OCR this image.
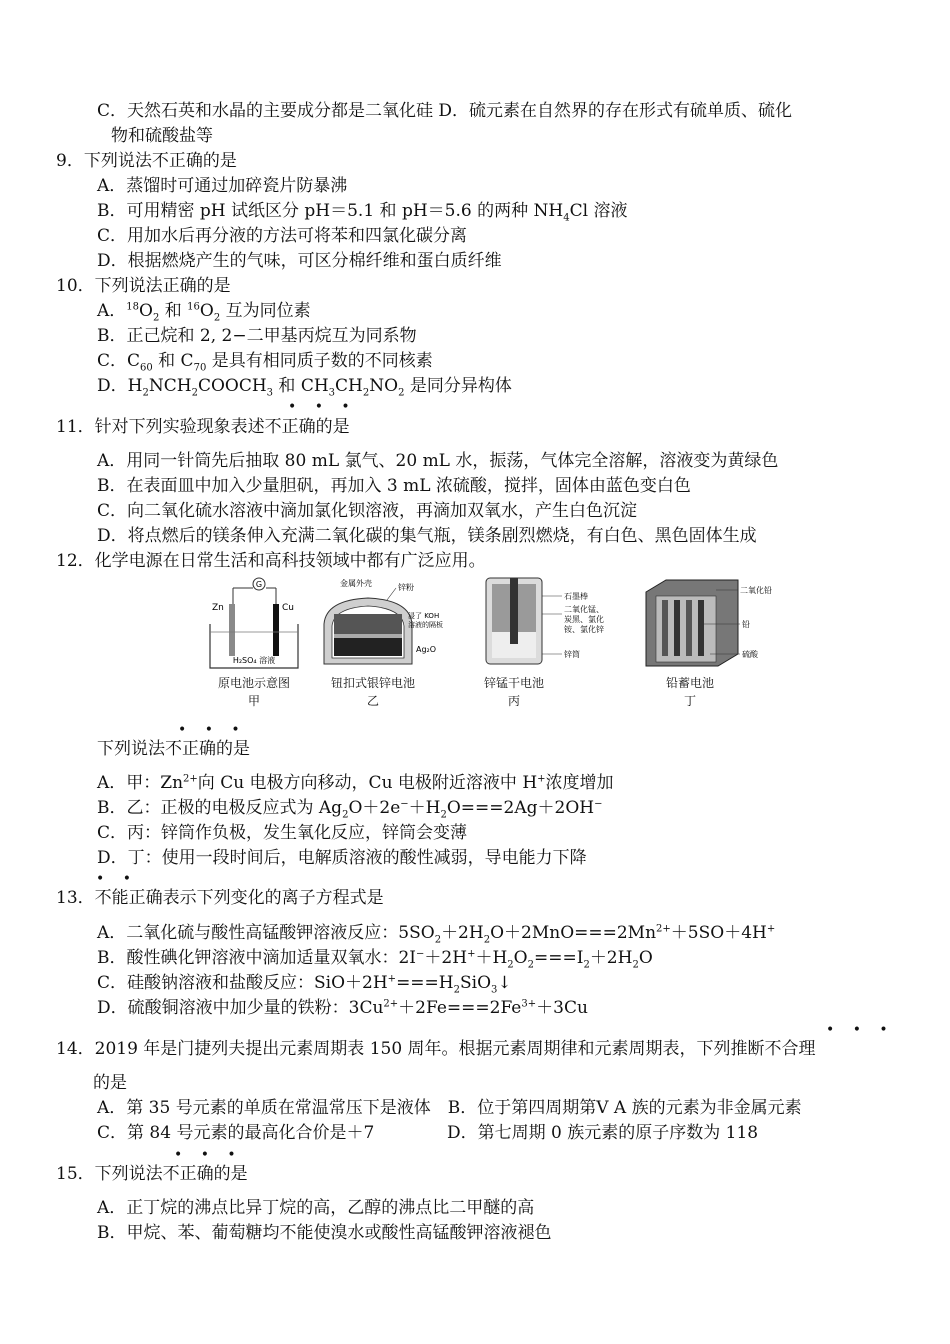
C．天然石英和水晶的主要成分都是二氧化硅 D．硫元素在自然界的存在形式有硫单质、硫化
物和硫酸盐等
9．下列说法不正确的是
A．蒸馏时可通过加碎瓷片防暴沸
B．可用精密 pH 试纸区分 pH＝5.1 和 pH＝5.6 的两种 $NH_4Cl$ 溶液
C．用加水后再分液的方法可将苯和四氯化碳分离
D．根据燃烧产生的气味，可区分棉纤维和蛋白质纤维
10．下列说法正确的是
A．$^{18}O_2$ 和 $^{16}O_2$ 互为同位素
B．正己烷和 2, 2−二甲基丙烷互为同系物
C．$C_{60}$ 和 $C_{70}$ 是具有相同质子数的不同核素
D．$H_2NCH_2COOCH_3$ 和 $CH_3CH_2NO_2$ 是同分异构体
• • •
11．针对下列实验现象表述不正确的是
A．用同一针筒先后抽取 80 mL 氯气、20 mL 水，振荡，气体完全溶解，溶液变为黄绿色
B．在表面皿中加入少量胆矾，再加入 3 mL 浓硫酸，搅拌，固体由蓝色变白色
C．向二氧化硫水溶液中滴加氯化钡溶液，再滴加双氧水，产生白色沉淀
D．将点燃后的镁条伸入充满二氧化碳的集气瓶，镁条剧烈燃烧，有白色、黑色固体生成
12．化学电源在日常生活和高科技领域中都有广泛应用。
G
Zn	Cu
H₂SO₄ 溶液
原电池示意图
甲
金属外壳	锌粉
浸了 KOH
溶液的隔板
Ag₂O
钮扣式银锌电池
乙
石墨棒
二氧化锰、
炭黑、氯化
铵、氯化锌
锌筒
锌锰干电池
丙
二氧化铅
铅
硫酸
铅蓄电池
丁
• • •
下列说法不正确的是
A．甲：$Zn^{2+}$向 Cu 电极方向移动，Cu 电极附近溶液中 H+浓度增加
B．乙：正极的电极反应式为 $Ag_2O+2e^-+H_2O===2Ag+2OH^-$
C．丙：锌筒作负极，发生氧化反应，锌筒会变薄
D．丁：使用一段时间后，电解质溶液的酸性减弱，导电能力下降
• •
13．不能正确表示下列变化的离子方程式是
A．二氧化硫与酸性高锰酸钾溶液反应：$5SO_2+2H_2O+2MnO===2Mn^{2+}+5SO+4H^+$
B．酸性碘化钾溶液中滴加适量双氧水：$2I^-+2H^++H_2O_2===I_2+2H_2O$
C．硅酸钠溶液和盐酸反应：$SiO+2H^+===H_2SiO_3↓$
D．硫酸铜溶液中加少量的铁粉：$3Cu^{2+}+2Fe===2Fe^{3+}+3Cu$
• • •
14．2019 年是门捷列夫提出元素周期表 150 周年。根据元素周期律和元素周期表，下列推断不合理
的是
A．第 35 号元素的单质在常温常压下是液体　B．位于第四周期第Ⅴ A 族的元素为非金属元素
C．第 84 号元素的最高化合价是＋7	D．第七周期 0 族元素的原子序数为 118
• • •
15．下列说法不正确的是
A．正丁烷的沸点比异丁烷的高，乙醇的沸点比二甲醚的高
B．甲烷、苯、葡萄糖均不能使溴水或酸性高锰酸钾溶液褪色
